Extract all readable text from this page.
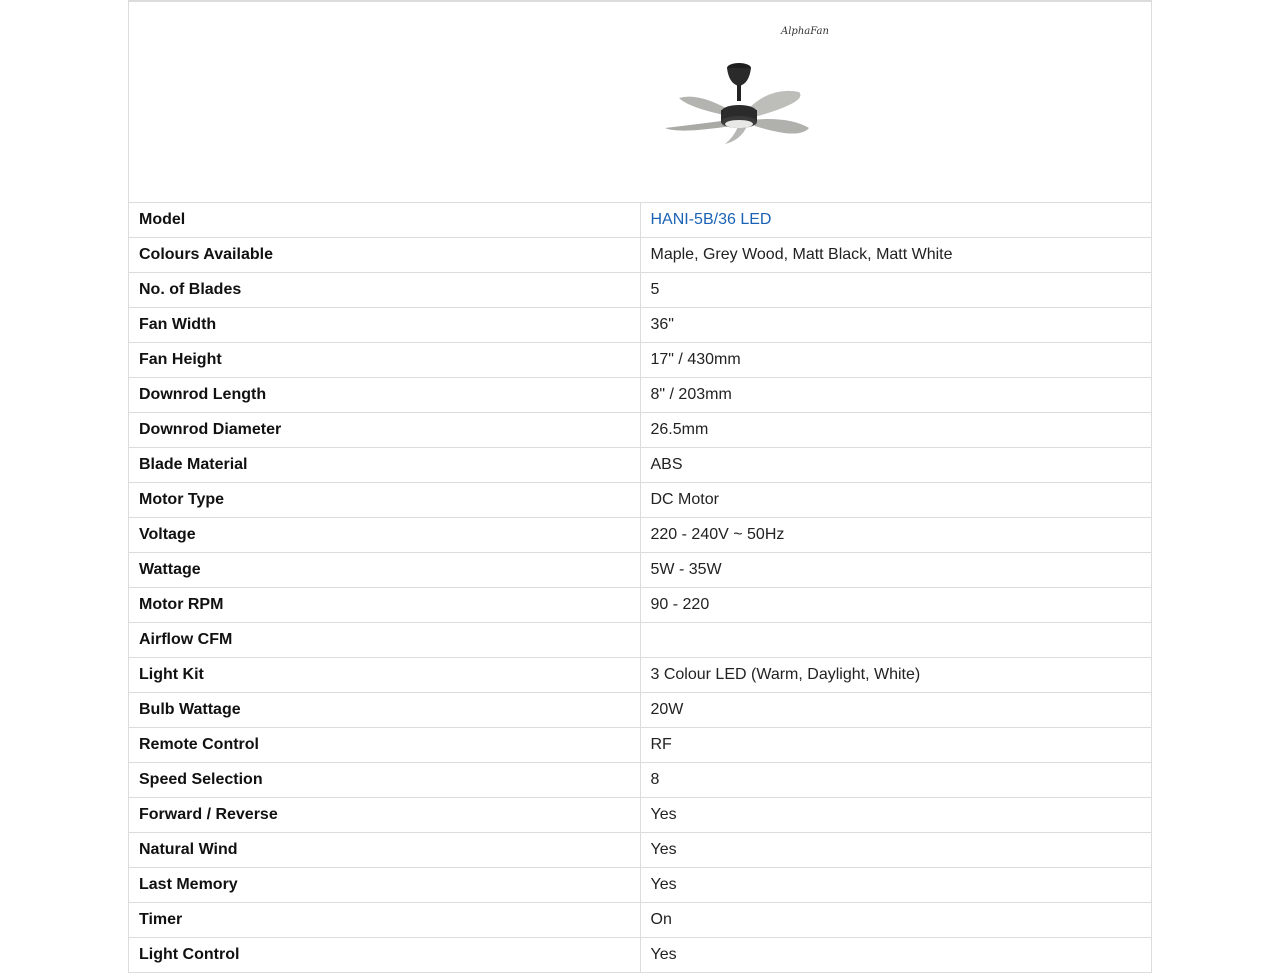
AlphaFan	

Model	HANI-5B/36 LED
Colours Available	Maple, Grey Wood, Matt Black, Matt White
No. of Blades	5
Fan Width	36"
Fan Height	17" / 430mm
Downrod Length	8" / 203mm
Downrod Diameter	26.5mm
Blade Material	ABS
Motor Type	DC Motor
Voltage	220 - 240V ~ 50Hz
Wattage	5W - 35W
Motor RPM	90 - 220
Airflow CFM	
Light Kit	3 Colour LED (Warm, Daylight, White)
Bulb Wattage	20W
Remote Control	RF
Speed Selection	8
Forward / Reverse	Yes
Natural Wind	Yes
Last Memory	Yes
Timer	On
Light Control	Yes
